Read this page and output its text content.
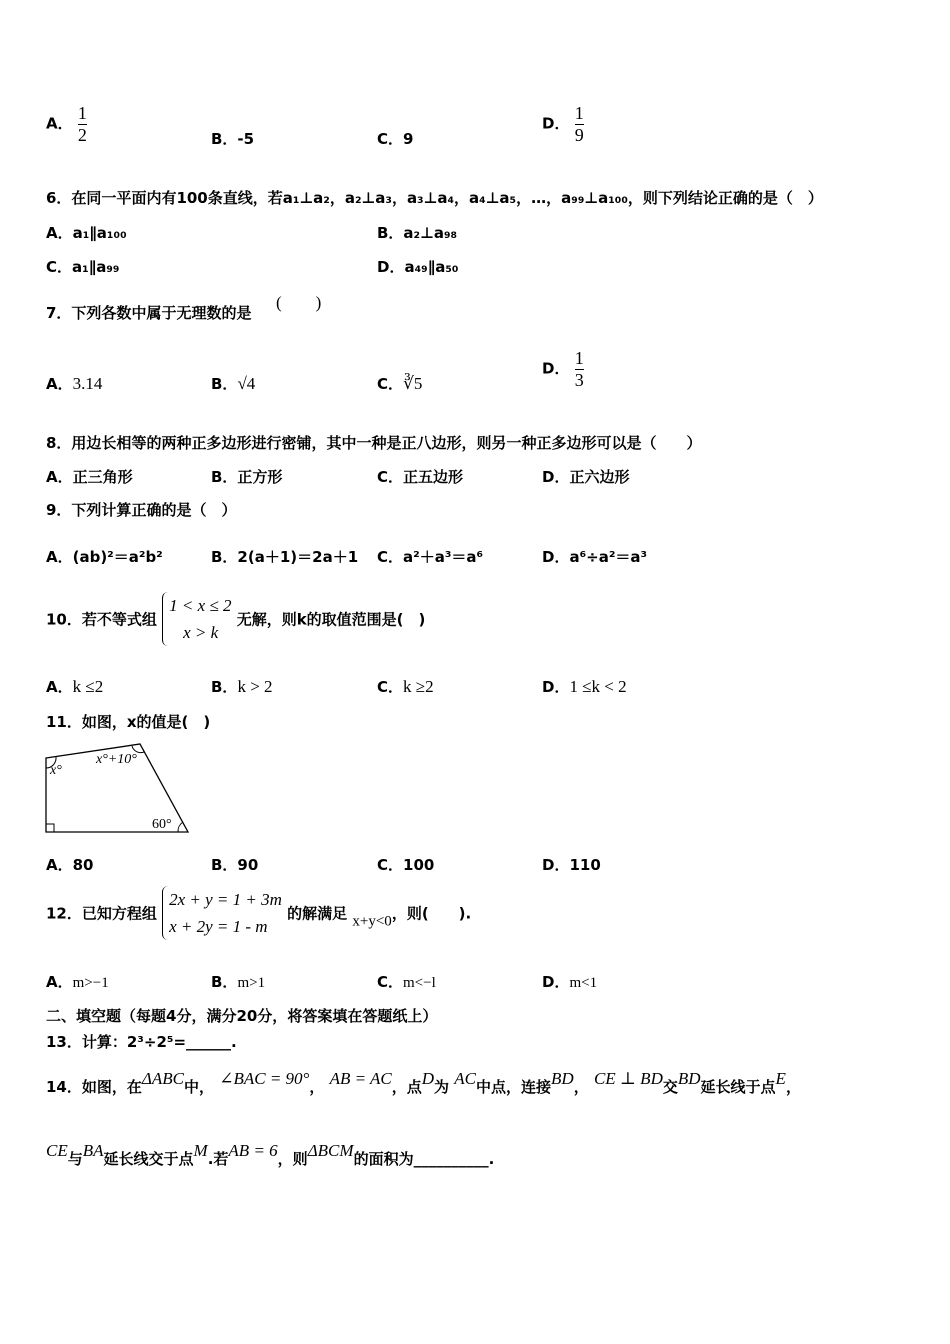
A． $\frac{1}{2}$	B．-5	C．9
D． $\frac{1}{9}$
6．在同一平面内有100条直线，若a₁⊥a₂，a₂⊥a₃，a₃⊥a₄，a₄⊥a₅，…，a₉₉⊥a₁₀₀，则下列结论正确的是（　）
A．a₁∥a₁₀₀	B．a₂⊥a₉₈
C．a₁∥a₉₉	D．a₄₉∥a₅₀
7．下列各数中属于无理数的是
(　　)
A．3.14	B．√4	C．∛5
D． $\frac{1}{3}$
8．用边长相等的两种正多边形进行密铺，其中一种是正八边形，则另一种正多边形可以是（　　）
A．正三角形	B．正方形	C．正五边形	D．正六边形
9．下列计算正确的是（　）
A．(ab)²＝a²b²	B．2(a＋1)＝2a＋1 C．a²＋a³＝a⁶	D．a⁶÷a²＝a³
10．若不等式组
1 < x ≤ 2
x > k
无解，则k的取值范围是(　)
A．k ≤2	B．k > 2	C．k ≥2	D．1 ≤k < 2
11．如图，x的值是(　)
x°
x°+10°
60°
A．80	B．90	C．100	D．110
12．已知方程组
2x + y = 1 + 3m
x + 2y = 1 - m
的解满足 x+y<0，则(　　).
A．m>−1	B．m>1	C．m<−l	D．m<1
二、填空题（每题4分，满分20分，将答案填在答题纸上）
13．计算：2³÷2⁵=______.
14．如图，在ΔABC中， ∠BAC = 90°， AB = AC，点D为 AC中点，连接BD， CE ⊥ BD交BD延长线于点E，
CE与BA延长线交于点M.若AB = 6，则ΔBCM的面积为__________.
